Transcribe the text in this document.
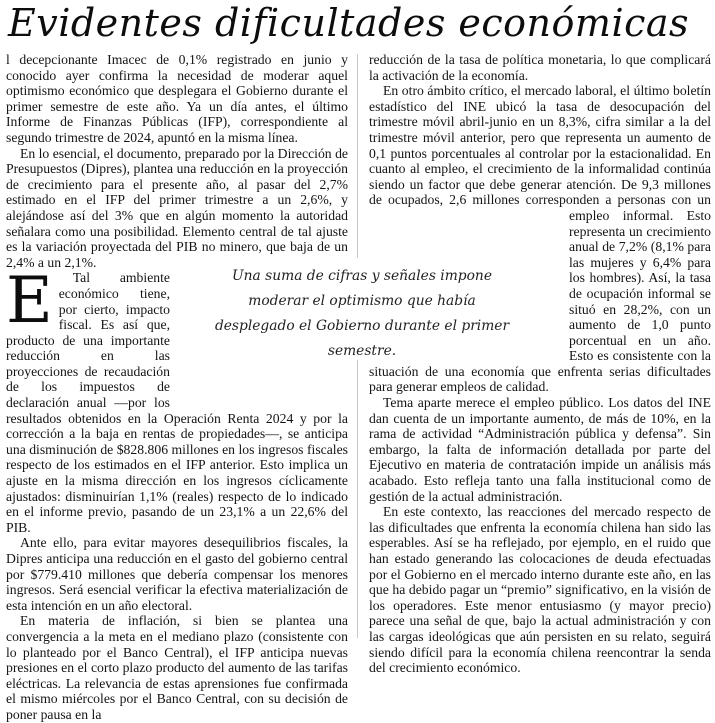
Evidentes dificultades económicas

E
l decepcionante Imacec de 0,1% registrado en junio y conocido ayer confirma la necesidad de moderar aquel optimismo económico que desplegara el Gobierno durante el primer semestre de este año. Ya un día antes, el último Informe de Finanzas Públicas (IFP), correspondiente al segundo trimestre de 2024, apuntó en la misma línea.

En lo esencial, el documento, preparado por la Dirección de Presupuestos (Dipres), plantea una reducción en la proyección de crecimiento para el presente año, al pasar del 2,7% estimado en el IFP del primer trimestre a un 2,6%, y alejándose así del 3% que en algún momento la autoridad señalara como una posibilidad. Elemento central de tal ajuste es la variación proyectada del PIB no minero, que baja de un 2,4% a un 2,1%.

Tal ambiente económico tiene, por cierto, impacto fiscal. Es así que, producto de una importante reducción en las proyecciones de recaudación de los impuestos de declaración anual —por los resultados obtenidos en la Operación Renta 2024 y por la corrección a la baja en rentas de propiedades—, se anticipa una disminución de $828.806 millones en los ingresos fiscales respecto de los estimados en el IFP anterior. Esto implica un ajuste en la misma dirección en los ingresos cíclicamente ajustados: disminuirían 1,1% (reales) respecto de lo indicado en el informe previo, pasando de un 23,1% a un 22,6% del PIB.

Ante ello, para evitar mayores desequilibrios fiscales, la Dipres anticipa una reducción en el gasto del gobierno central por $779.410 millones que debería compensar los menores ingresos. Será esencial verificar la efectiva materialización de esta intención en un año electoral.

En materia de inflación, si bien se plantea una convergencia a la meta en el mediano plazo (consistente con lo planteado por el Banco Central), el IFP anticipa nuevas presiones en el corto plazo producto del aumento de las tarifas eléctricas. La relevancia de estas aprensiones fue confirmada el mismo miércoles por el Banco Central, con su decisión de poner pausa en la

reducción de la tasa de política monetaria, lo que complicará la activación de la economía.

En otro ámbito crítico, el mercado laboral, el último boletín estadístico del INE ubicó la tasa de desocupación del trimestre móvil abril-junio en un 8,3%, cifra similar a la del trimestre móvil anterior, pero que representa un aumento de 0,1 puntos porcentuales al controlar por la estacionalidad. En cuanto al empleo, el crecimiento de la informalidad continúa siendo un factor que debe generar atención. De 9,3 millones de ocupados, 2,6 millones corresponden a personas con un empleo informal. Esto representa un crecimiento anual de 7,2% (8,1% para las mujeres y 6,4% para los hombres). Así, la tasa de ocupación informal se situó en 28,2%, con un aumento de 1,0 punto porcentual en un año. Esto es consistente con la situación de una economía que enfrenta serias dificultades para generar empleos de calidad.

Tema aparte merece el empleo público. Los datos del INE dan cuenta de un importante aumento, de más de 10%, en la rama de actividad “Administración pública y defensa”. Sin embargo, la falta de información detallada por parte del Ejecutivo en materia de contratación impide un análisis más acabado. Esto refleja tanto una falla institucional como de gestión de la actual administración.

En este contexto, las reacciones del mercado respecto de las dificultades que enfrenta la economía chilena han sido las esperables. Así se ha reflejado, por ejemplo, en el ruido que han estado generando las colocaciones de deuda efectuadas por el Gobierno en el mercado interno durante este año, en las que ha debido pagar un “premio” significativo, en la visión de los operadores. Este menor entusiasmo (y mayor precio) parece una señal de que, bajo la actual administración y con las cargas ideológicas que aún persisten en su relato, seguirá siendo difícil para la economía chilena reencontrar la senda del crecimiento económico.

Una suma de cifras y señales impone moderar el optimismo que había desplegado el Gobierno durante el primer semestre.
